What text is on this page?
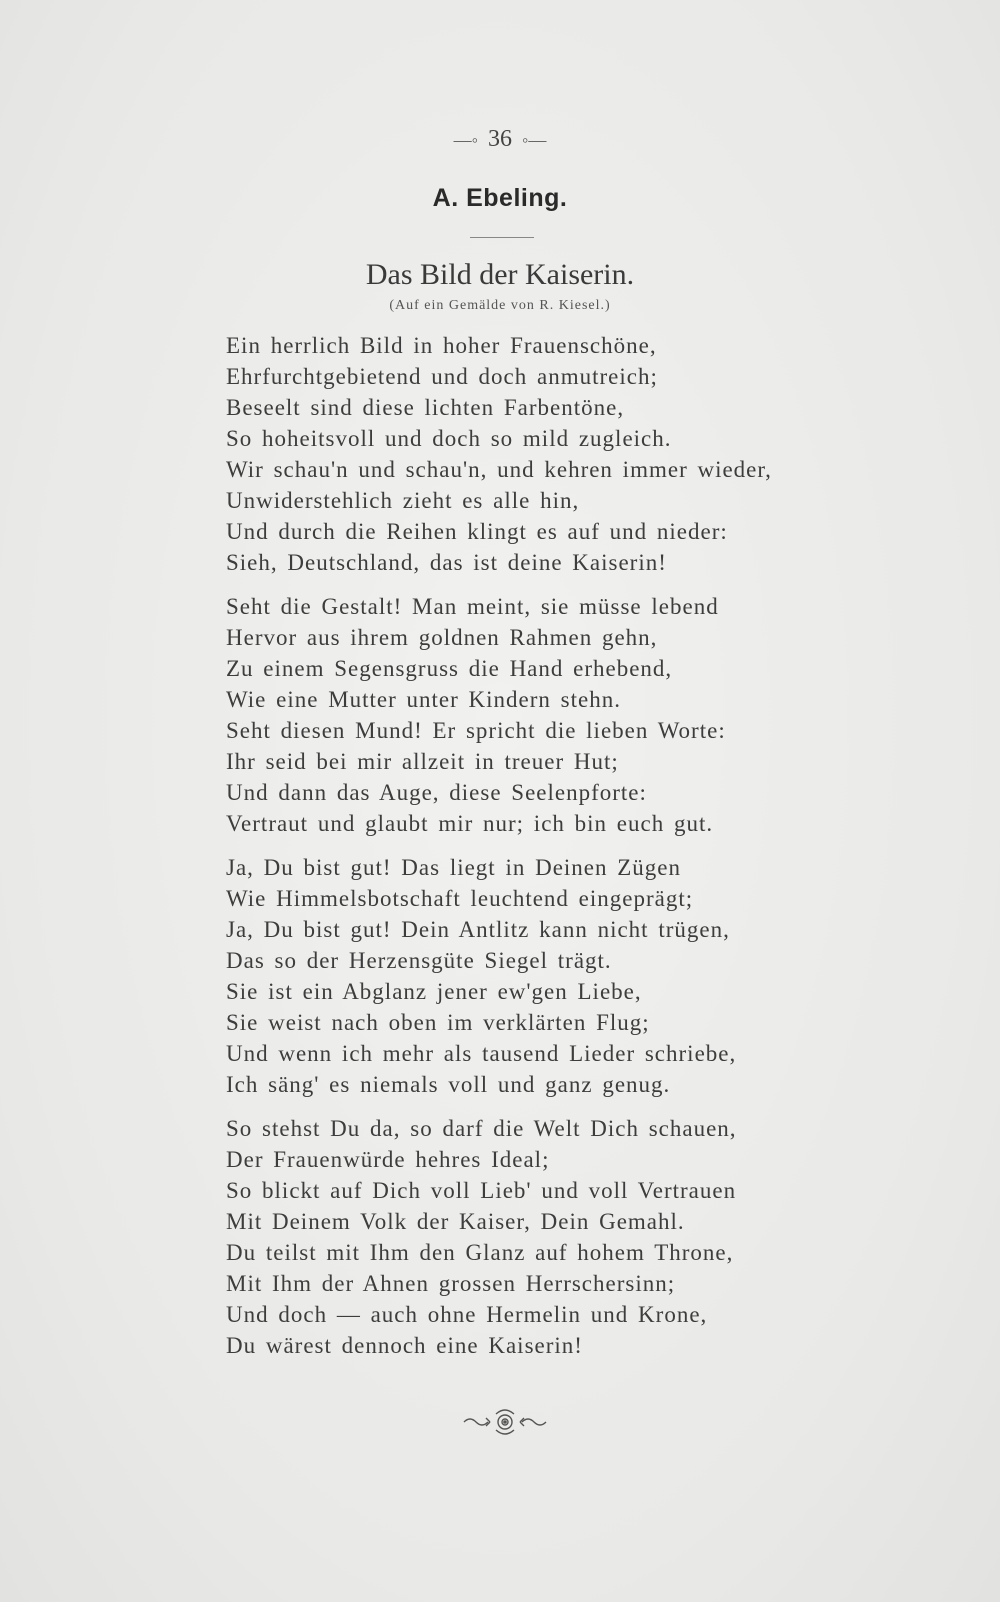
—◦ 36 ◦—
A. Ebeling.
Das Bild der Kaiserin.
(Auf ein Gemälde von R. Kiesel.)
Ein herrlich Bild in hoher Frauenschöne,
Ehrfurchtgebietend und doch anmutreich;
Beseelt sind diese lichten Farbentöne,
So hoheitsvoll und doch so mild zugleich.
Wir schau'n und schau'n, und kehren immer wieder,
Unwiderstehlich zieht es alle hin,
Und durch die Reihen klingt es auf und nieder:
Sieh, Deutschland, das ist deine Kaiserin!
Seht die Gestalt! Man meint, sie müsse lebend
Hervor aus ihrem goldnen Rahmen gehn,
Zu einem Segensgruss die Hand erhebend,
Wie eine Mutter unter Kindern stehn.
Seht diesen Mund! Er spricht die lieben Worte:
Ihr seid bei mir allzeit in treuer Hut;
Und dann das Auge, diese Seelenpforte:
Vertraut und glaubt mir nur; ich bin euch gut.
Ja, Du bist gut! Das liegt in Deinen Zügen
Wie Himmelsbotschaft leuchtend eingeprägt;
Ja, Du bist gut! Dein Antlitz kann nicht trügen,
Das so der Herzensgüte Siegel trägt.
Sie ist ein Abglanz jener ew'gen Liebe,
Sie weist nach oben im verklärten Flug;
Und wenn ich mehr als tausend Lieder schriebe,
Ich säng' es niemals voll und ganz genug.
So stehst Du da, so darf die Welt Dich schauen,
Der Frauenwürde hehres Ideal;
So blickt auf Dich voll Lieb' und voll Vertrauen
Mit Deinem Volk der Kaiser, Dein Gemahl.
Du teilst mit Ihm den Glanz auf hohem Throne,
Mit Ihm der Ahnen grossen Herrschersinn;
Und doch — auch ohne Hermelin und Krone,
Du wärest dennoch eine Kaiserin!
